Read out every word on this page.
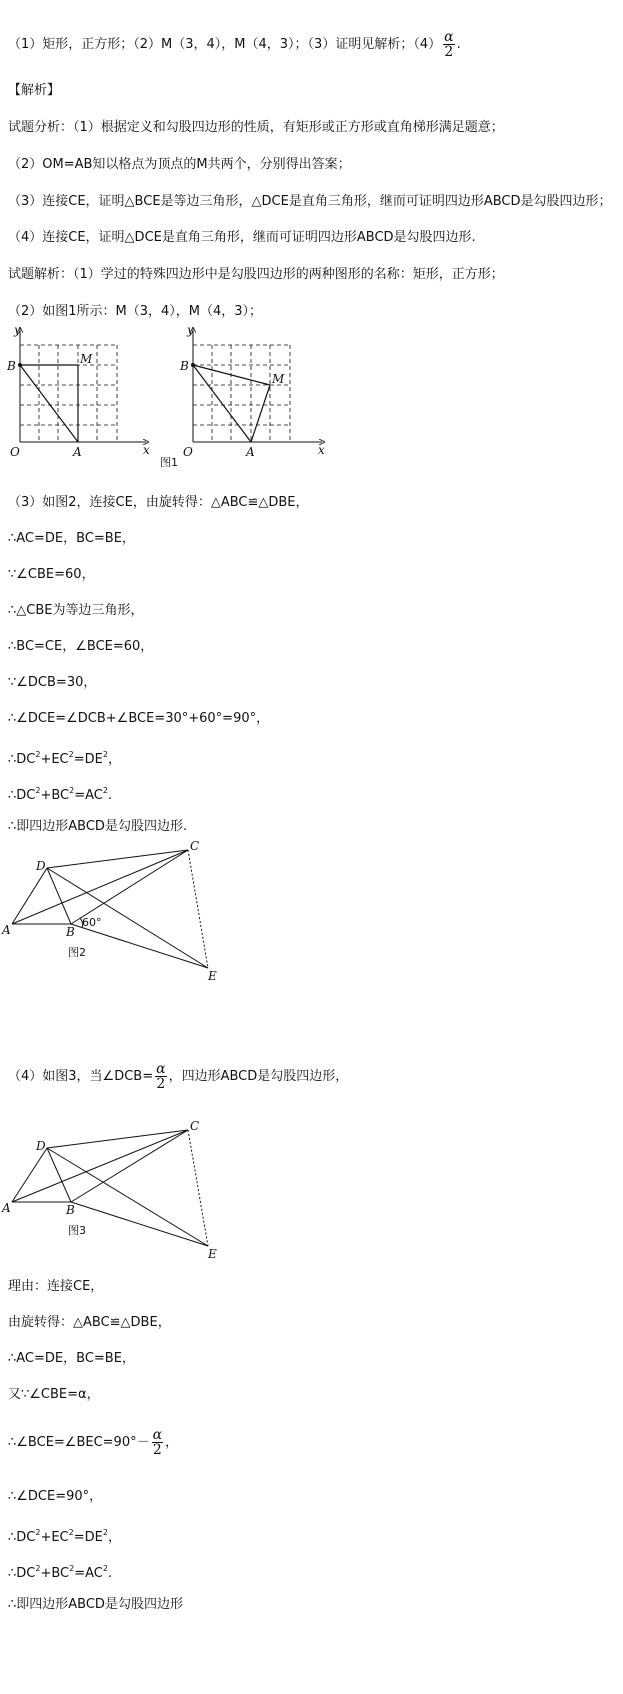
（1）矩形，正方形；（2）M（3，4），M（4，3）；（3）证明见解析；$(4) \frac{\alpha}{2}$ .
【解析】
试题分析：（1）根据定义和勾股四边形的性质，有矩形或正方形或直角梯形满足题意；
（2）OM=AB知以格点为顶点的M共两个，分别得出答案；
（3）连接CE，证明△BCE是等边三角形，△DCE是直角三角形，继而可证明四边形ABCD是勾股四边形；
（4）连接CE，证明△DCE是直角三角形，继而可证明四边形ABCD是勾股四边形.
试题解析：（1）学过的特殊四边形中是勾股四边形的两种图形的名称：矩形，正方形；
（2）如图1所示：M（3，4），M（4，3）；
y
x
O	A
B	M
y
x
O	A
B
M
图1
（3）如图2，连接CE，由旋转得：△ABC≌△DBE，
∴AC=DE，BC=BE，
∵∠CBE=60，
∴△CBE为等边三角形，
∴BC=CE，∠BCE=60，
∵∠DCB=30，
∴∠DCE=∠DCB+∠BCE=30°+60°=90°，
$\therefore DC^2+EC^2=DE^2$，
$\therefore DC^2+BC^2=AC^2$.
∴即四边形ABCD是勾股四边形.
D
C
A	B
E
60°
图2
（4）如图3，当∠DCB= $\frac{\alpha}{2}$ ，四边形ABCD是勾股四边形，
D
C
A	B
E
图3
理由：连接CE，
由旋转得：△ABC≌△DBE，
∴AC=DE，BC=BE，
又∵∠CBE=α，
∴∠BCE=∠BEC=90°－ $\frac{\alpha}{2}$ ，
∴∠DCE=90°，
$\therefore DC^2+EC^2=DE^2$，
$\therefore DC^2+BC^2=AC^2$.
∴即四边形ABCD是勾股四边形
